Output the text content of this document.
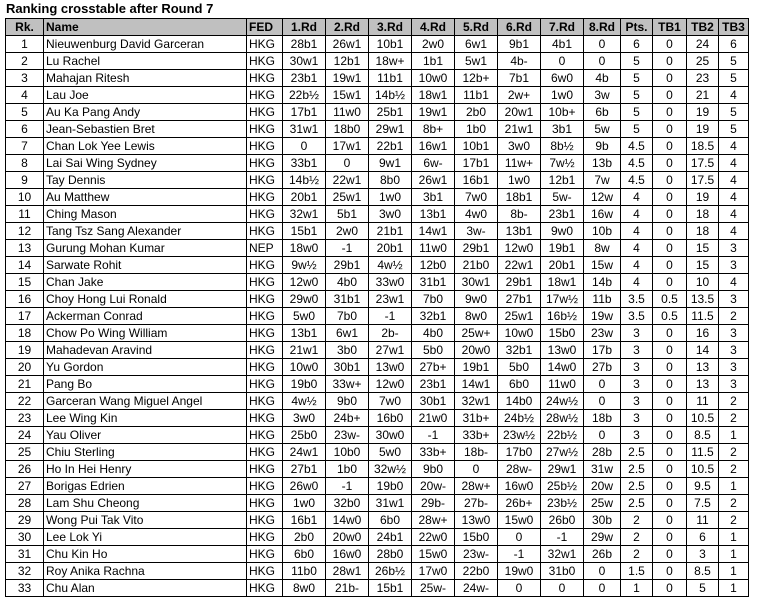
Ranking crosstable after Round 7
Rk.	Name	FED	1.Rd	2.Rd	3.Rd	4.Rd	5.Rd	6.Rd	7.Rd	8.Rd	Pts.	TB1	TB2	TB3
1	Nieuwenburg David Garceran	HKG	28b1	26w1	10b1	2w0	6w1	9b1	4b1	0	6	0	24	6
2	Lu Rachel	HKG	30w1	12b1	18w+	1b1	5w1	4b-	0	0	5	0	25	5
3	Mahajan Ritesh	HKG	23b1	19w1	11b1	10w0	12b+	7b1	6w0	4b	5	0	23	5
4	Lau Joe	HKG	22b½	15w1	14b½	18w1	11b1	2w+	1w0	3w	5	0	21	4
5	Au Ka Pang Andy	HKG	17b1	11w0	25b1	19w1	2b0	20w1	10b+	6b	5	0	19	5
6	Jean-Sebastien Bret	HKG	31w1	18b0	29w1	8b+	1b0	21w1	3b1	5w	5	0	19	5
7	Chan Lok Yee Lewis	HKG	0	17w1	22b1	16w1	10b1	3w0	8b½	9b	4.5	0	18.5	4
8	Lai Sai Wing Sydney	HKG	33b1	0	9w1	6w-	17b1	11w+	7w½	13b	4.5	0	17.5	4
9	Tay Dennis	HKG	14b½	22w1	8b0	26w1	16b1	1w0	12b1	7w	4.5	0	17.5	4
10	Au Matthew	HKG	20b1	25w1	1w0	3b1	7w0	18b1	5w-	12w	4	0	19	4
11	Ching Mason	HKG	32w1	5b1	3w0	13b1	4w0	8b-	23b1	16w	4	0	18	4
12	Tang Tsz Sang Alexander	HKG	15b1	2w0	21b1	14w1	3w-	13b1	9w0	10b	4	0	18	4
13	Gurung Mohan Kumar	NEP	18w0	-1	20b1	11w0	29b1	12w0	19b1	8w	4	0	15	3
14	Sarwate Rohit	HKG	9w½	29b1	4w½	12b0	21b0	22w1	20b1	15w	4	0	15	3
15	Chan Jake	HKG	12w0	4b0	33w0	31b1	30w1	29b1	18w1	14b	4	0	10	4
16	Choy Hong Lui Ronald	HKG	29w0	31b1	23w1	7b0	9w0	27b1	17w½	11b	3.5	0.5	13.5	3
17	Ackerman Conrad	HKG	5w0	7b0	-1	32b1	8w0	25w1	16b½	19w	3.5	0.5	11.5	2
18	Chow Po Wing William	HKG	13b1	6w1	2b-	4b0	25w+	10w0	15b0	23w	3	0	16	3
19	Mahadevan Aravind	HKG	21w1	3b0	27w1	5b0	20w0	32b1	13w0	17b	3	0	14	3
20	Yu Gordon	HKG	10w0	30b1	13w0	27b+	19b1	5b0	14w0	27b	3	0	13	3
21	Pang Bo	HKG	19b0	33w+	12w0	23b1	14w1	6b0	11w0	0	3	0	13	3
22	Garceran Wang Miguel Angel	HKG	4w½	9b0	7w0	30b1	32w1	14b0	24w½	0	3	0	11	2
23	Lee Wing Kin	HKG	3w0	24b+	16b0	21w0	31b+	24b½	28w½	18b	3	0	10.5	2
24	Yau Oliver	HKG	25b0	23w-	30w0	-1	33b+	23w½	22b½	0	3	0	8.5	1
25	Chiu Sterling	HKG	24w1	10b0	5w0	33b+	18b-	17b0	27w½	28b	2.5	0	11.5	2
26	Ho In Hei Henry	HKG	27b1	1b0	32w½	9b0	0	28w-	29w1	31w	2.5	0	10.5	2
27	Borigas Edrien	HKG	26w0	-1	19b0	20w-	28w+	16w0	25b½	20w	2.5	0	9.5	1
28	Lam Shu Cheong	HKG	1w0	32b0	31w1	29b-	27b-	26b+	23b½	25w	2.5	0	7.5	2
29	Wong Pui Tak Vito	HKG	16b1	14w0	6b0	28w+	13w0	15w0	26b0	30b	2	0	11	2
30	Lee Lok Yi	HKG	2b0	20w0	24b1	22w0	15b0	0	-1	29w	2	0	6	1
31	Chu Kin Ho	HKG	6b0	16w0	28b0	15w0	23w-	-1	32w1	26b	2	0	3	1
32	Roy Anika Rachna	HKG	11b0	28w1	26b½	17w0	22b0	19w0	31b0	0	1.5	0	8.5	1
33	Chu Alan	HKG	8w0	21b-	15b1	25w-	24w-	0	0	0	1	0	5	1
